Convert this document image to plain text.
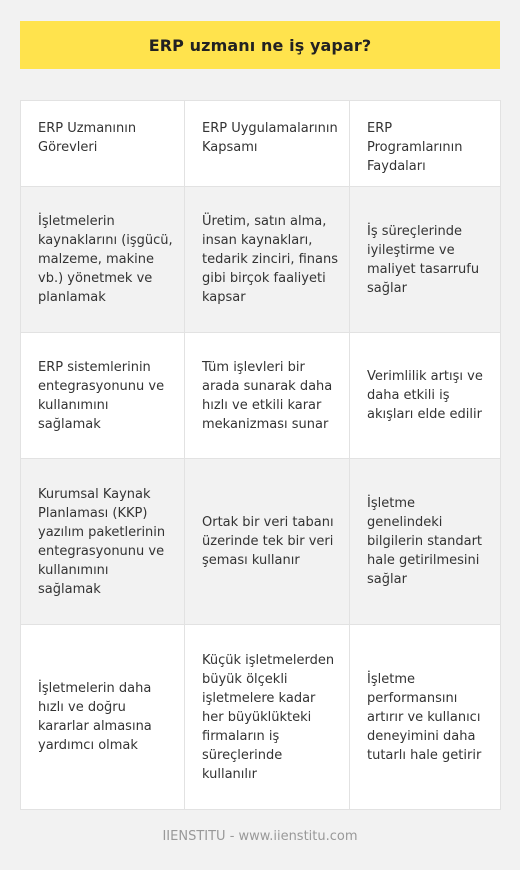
ERP uzmanı ne iş yapar?
ERP Uzmanının Görevleri	ERP Uygulamalarının Kapsamı	ERP Programlarının Faydaları
İşletmelerin kaynaklarını (işgücü, malzeme, makine vb.) yönetmek ve planlamak	Üretim, satın alma, insan kaynakları, tedarik zinciri, finans gibi birçok faaliyeti kapsar	İş süreçlerinde iyileştirme ve maliyet tasarrufu sağlar
ERP sistemlerinin entegrasyonunu ve kullanımını sağlamak	Tüm işlevleri bir arada sunarak daha hızlı ve etkili karar mekanizması sunar	Verimlilik artışı ve daha etkili iş akışları elde edilir
Kurumsal Kaynak Planlaması (KKP) yazılım paketlerinin entegrasyonunu ve kullanımını sağlamak	Ortak bir veri tabanı üzerinde tek bir veri şeması kullanır	İşletme genelindeki bilgilerin standart hale getirilmesini sağlar
İşletmelerin daha hızlı ve doğru kararlar almasına yardımcı olmak	Küçük işletmelerden büyük ölçekli işletmelere kadar her büyüklükteki firmaların iş süreçlerinde kullanılır	İşletme performansını artırır ve kullanıcı deneyimini daha tutarlı hale getirir
IIENSTITU - www.iienstitu.com
